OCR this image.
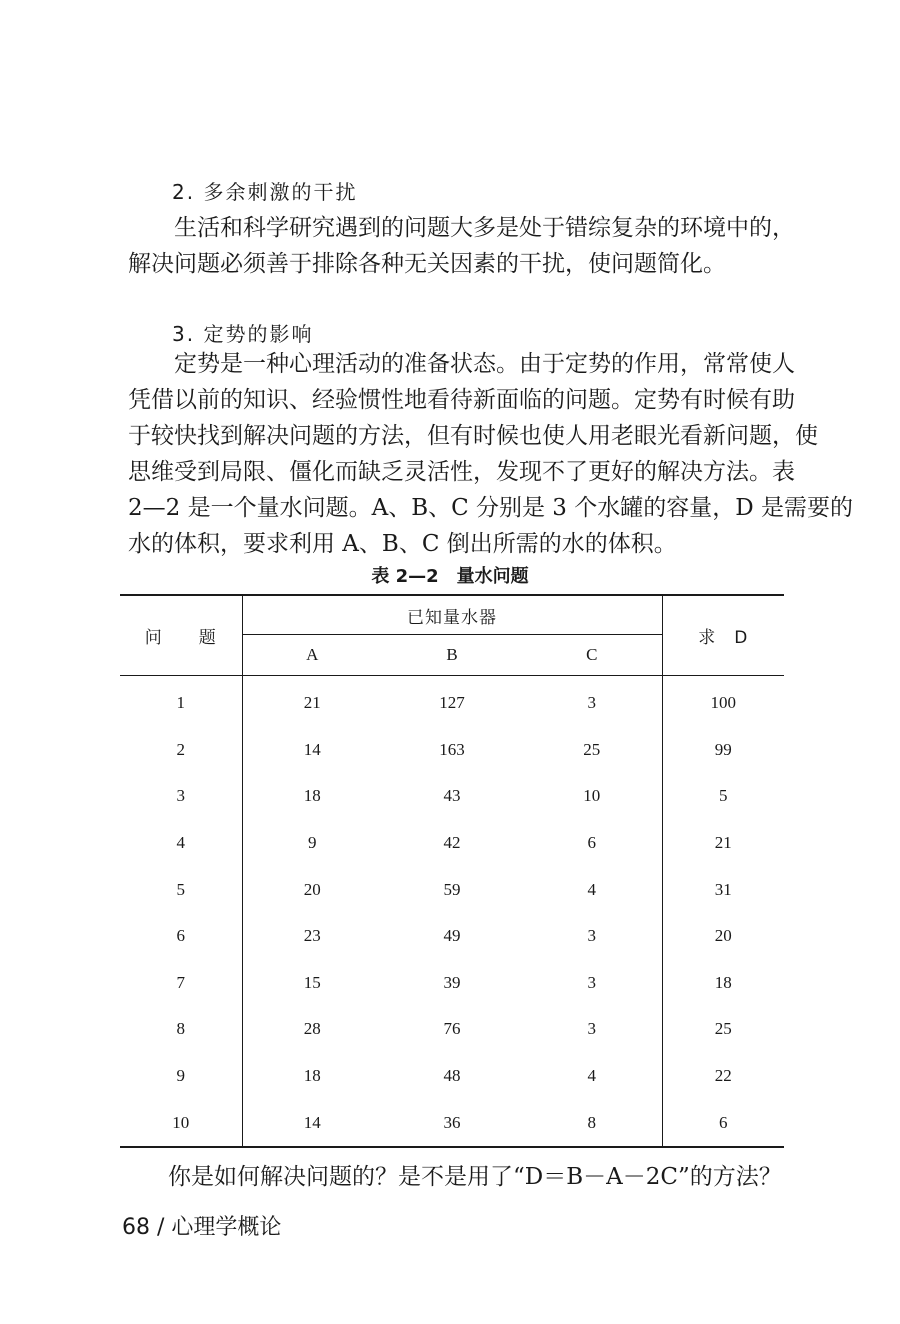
2. 多余刺激的干扰
生活和科学研究遇到的问题大多是处于错综复杂的环境中的，
解决问题必须善于排除各种无关因素的干扰，使问题简化。
3. 定势的影响
定势是一种心理活动的准备状态。由于定势的作用，常常使人
凭借以前的知识、经验惯性地看待新面临的问题。定势有时候有助
于较快找到解决问题的方法，但有时候也使人用老眼光看新问题，使
思维受到局限、僵化而缺乏灵活性，发现不了更好的解决方法。表
2—2 是一个量水问题。A、B、C 分别是 3 个水罐的容量，D 是需要的
水的体积，要求利用 A、B、C 倒出所需的水的体积。
表 2—2　量水问题
问　　题	已知量水器			求　D
	A	B	C	
1	21	127	3	100
2	14	163	25	99
3	18	43	10	5
4	9	42	6	21
5	20	59	4	31
6	23	49	3	20
7	15	39	3	18
8	28	76	3	25
9	18	48	4	22
10	14	36	8	6
你是如何解决问题的？是不是用了“D＝B－A－2C”的方法？
68 / 心理学概论
